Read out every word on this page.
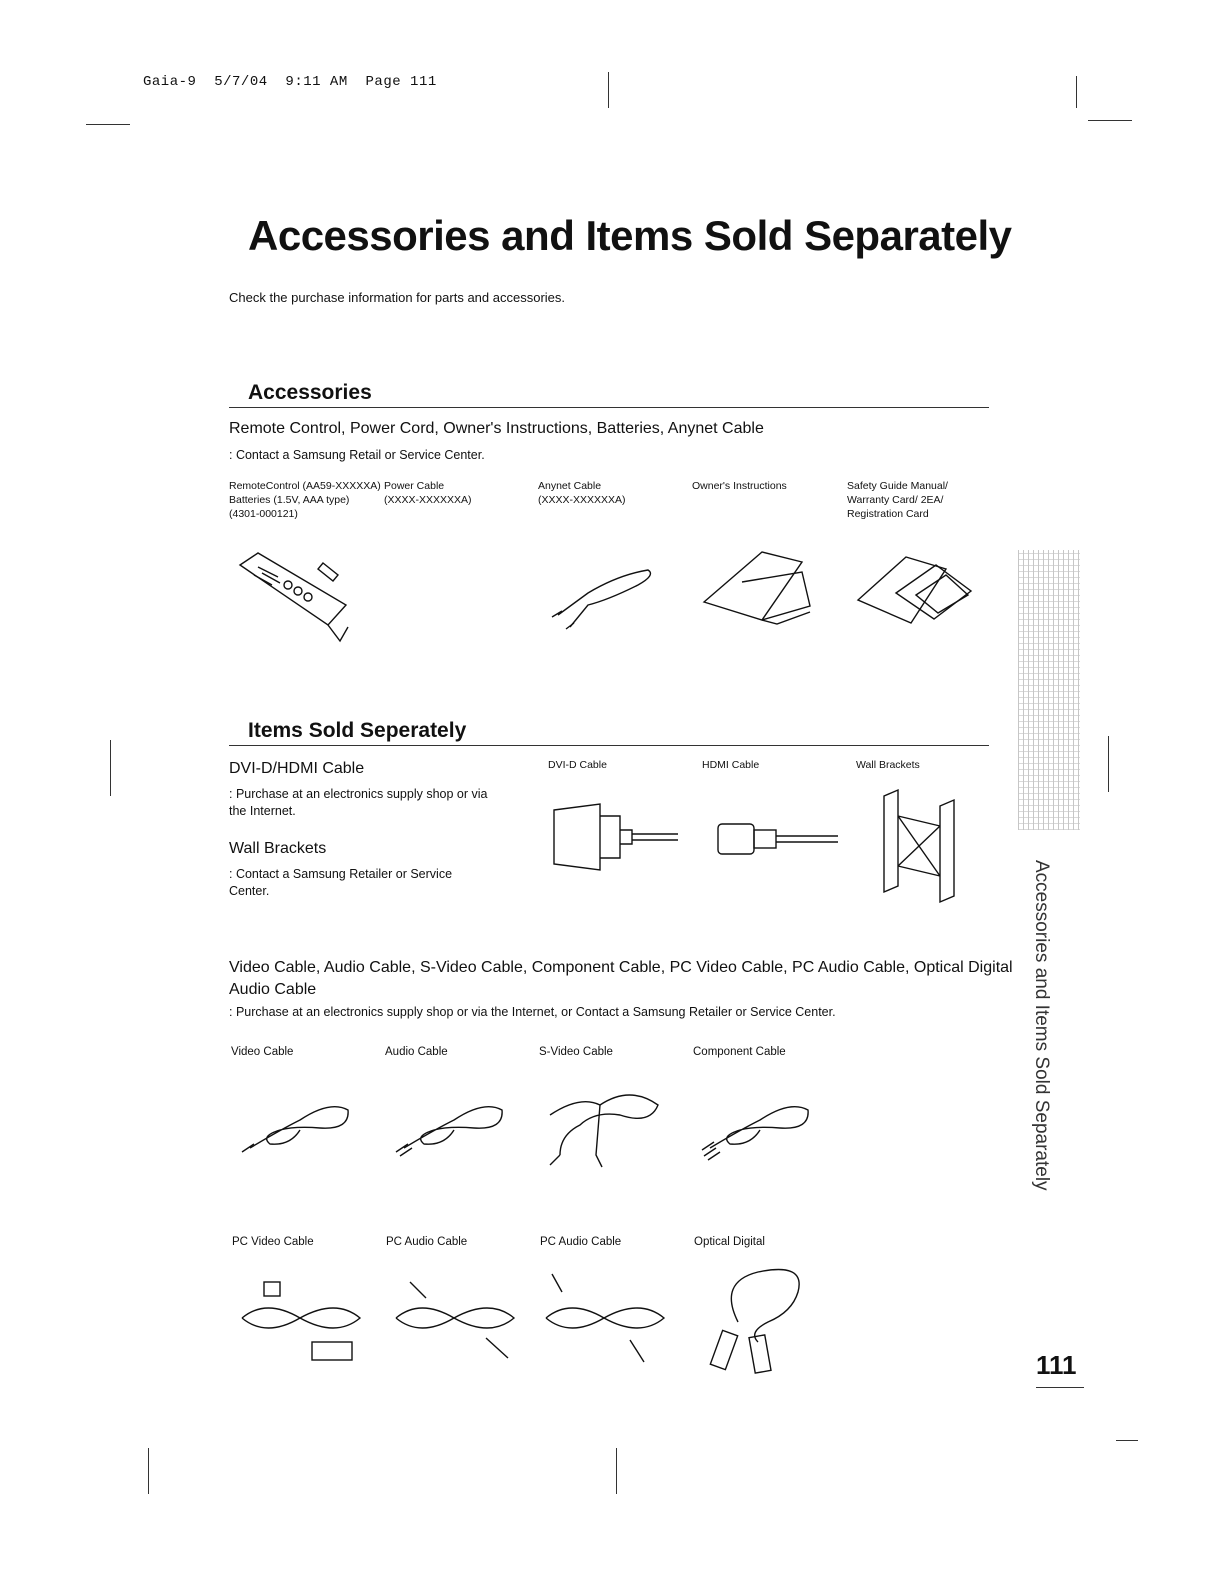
Gaia-9  5/7/04  9:11 AM  Page 111
Accessories and Items Sold Separately
Check the purchase information for parts and accessories.
Accessories
Remote Control, Power Cord, Owner's Instructions, Batteries, Anynet Cable
: Contact a Samsung Retail or Service Center.
RemoteControl (AA59-XXXXXA)
Batteries (1.5V, AAA type)
(4301-000121)
Power Cable
(XXXX-XXXXXXA)
Anynet Cable
(XXXX-XXXXXXA)
Owner's Instructions	Safety Guide Manual/
Warranty Card/ 2EA/
Registration Card
Items Sold Seperately
DVI-D/HDMI Cable
: Purchase at an electronics supply shop or via
the Internet.
Wall Brackets
: Contact a Samsung Retailer or Service
Center.
DVI-D Cable	HDMI Cable	Wall Brackets
Video Cable, Audio Cable, S-Video Cable, Component Cable, PC Video Cable, PC Audio Cable, Optical Digital
Audio Cable
: Purchase at an electronics supply shop or via the Internet, or Contact a Samsung Retailer or Service Center.
Video Cable	Audio Cable	S-Video Cable	Component Cable
PC Video Cable	PC Audio Cable	PC Audio Cable	Optical Digital
Accessories and Items Sold Separately
111
